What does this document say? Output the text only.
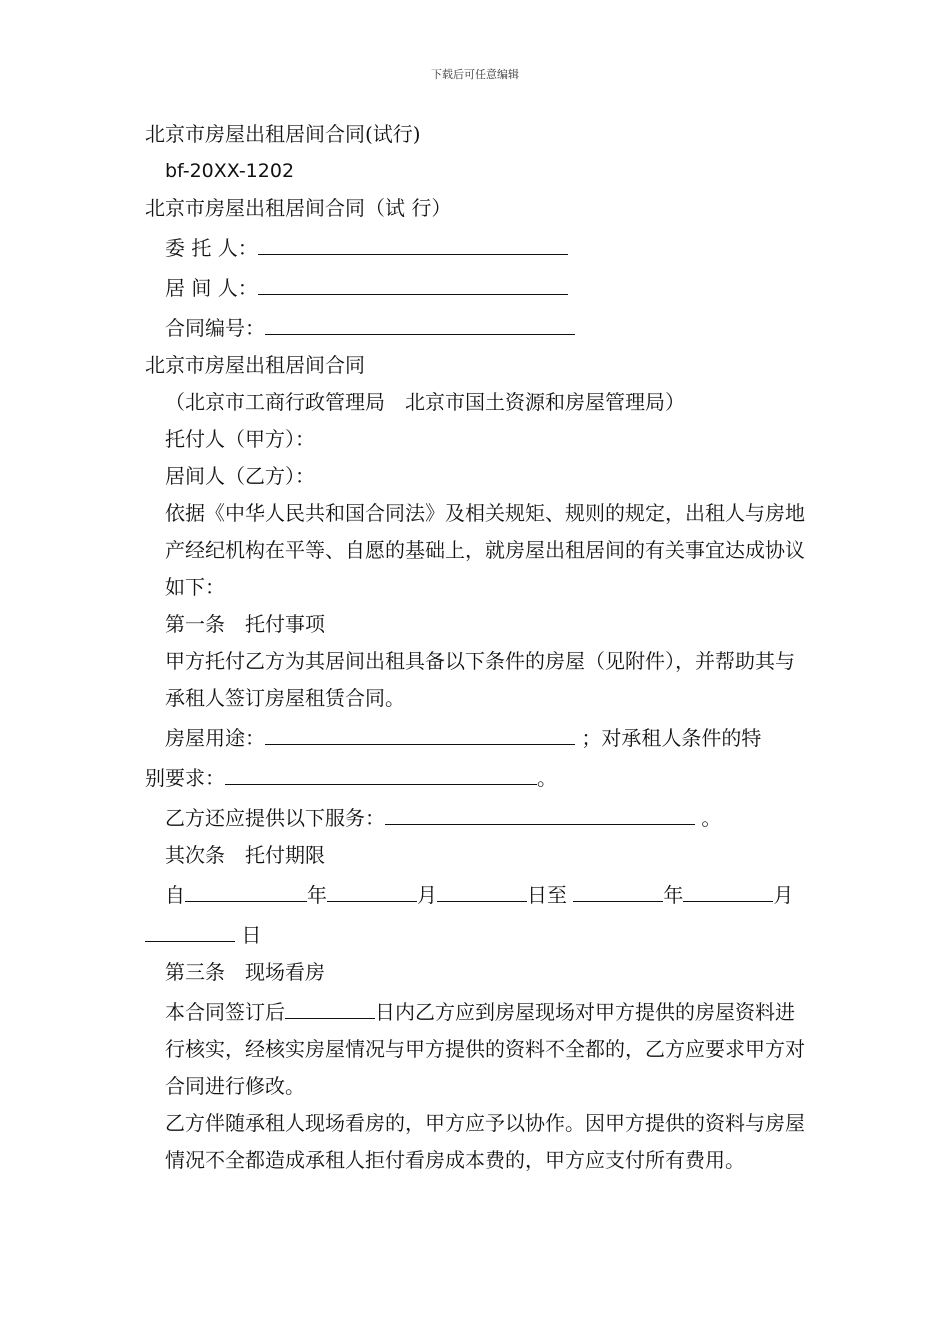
下载后可任意编辑

北京市房屋出租居间合同(试行)

bf-20XX-1202

北京市房屋出租居间合同（试 行）

委 托 人：

居 间 人：

合同编号：

北京市房屋出租居间合同

（北京市工商行政管理局　北京市国土资源和房屋管理局）

托付人（甲方）：

居间人（乙方）：

依据《中华人民共和国合同法》及相关规矩、规则的规定，出租人与房地产经纪机构在平等、自愿的基础上，就房屋出租居间的有关事宜达成协议如下：

第一条　托付事项

甲方托付乙方为其居间出租具备以下条件的房屋（见附件），并帮助其与承租人签订房屋租赁合同。

房屋用途：	；对承租人条件的特

别要求：	。

乙方还应提供以下服务：	。

其次条　托付期限

自	年	月	日至	年	月

日

第三条　现场看房

本合同签订后	日内乙方应到房屋现场对甲方提供的房屋资料进行核实，经核实房屋情况与甲方提供的资料不全都的，乙方应要求甲方对合同进行修改。

乙方伴随承租人现场看房的，甲方应予以协作。因甲方提供的资料与房屋情况不全都造成承租人拒付看房成本费的，甲方应支付所有费用。
